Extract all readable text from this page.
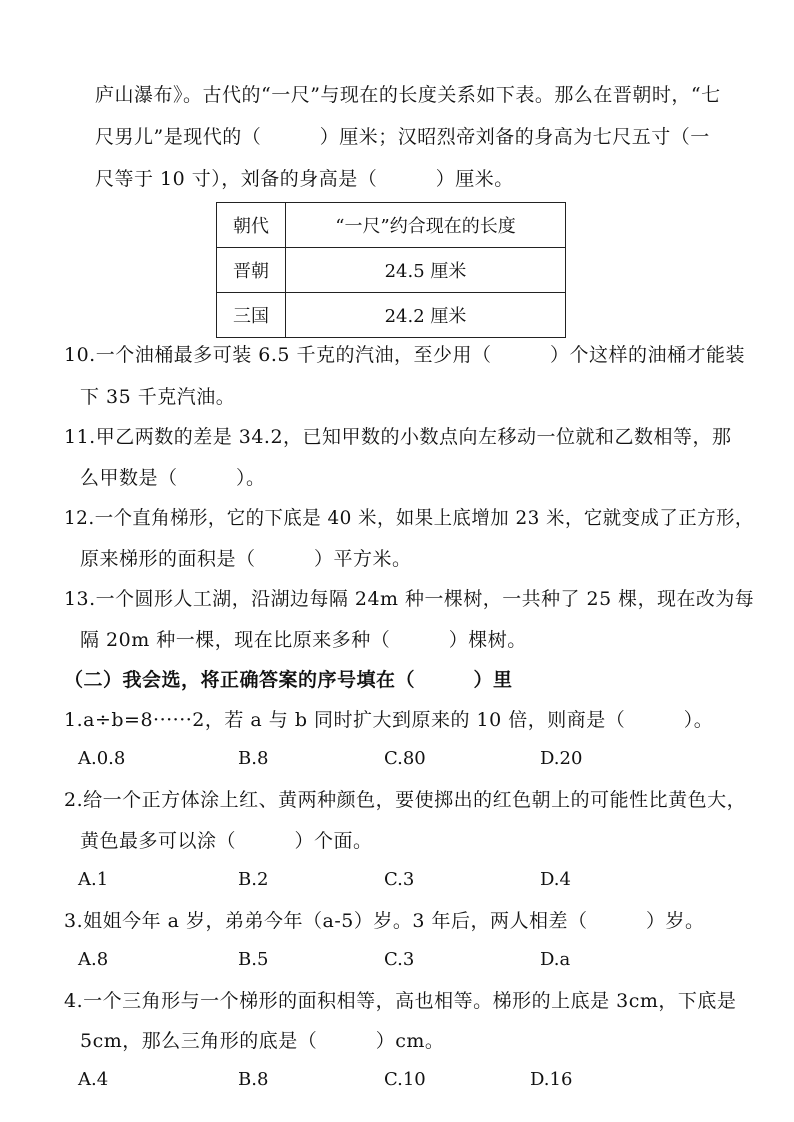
庐山瀑布》。古代的“一尺”与现在的长度关系如下表。那么在晋朝时，“七
尺男儿”是现代的（　　　）厘米；汉昭烈帝刘备的身高为七尺五寸（一
尺等于 10 寸），刘备的身高是（　　　）厘米。
朝代	“一尺”约合现在的长度
晋朝	24.5 厘米
三国	24.2 厘米
10.一个油桶最多可装 6.5 千克的汽油，至少用（　　　）个这样的油桶才能装
下 35 千克汽油。
11.甲乙两数的差是 34.2，已知甲数的小数点向左移动一位就和乙数相等，那
么甲数是（　　　）。
12.一个直角梯形，它的下底是 40 米，如果上底增加 23 米，它就变成了正方形，
原来梯形的面积是（　　　）平方米。
13.一个圆形人工湖，沿湖边每隔 24m 种一棵树，一共种了 25 棵，现在改为每
隔 20m 种一棵，现在比原来多种（　　　）棵树。
（二）我会选，将正确答案的序号填在（　　　）里
1.a÷b=8······2，若 a 与 b 同时扩大到原来的 10 倍，则商是（　　　）。
A.0.8	B.8	C.80	D.20
2.给一个正方体涂上红、黄两种颜色，要使掷出的红色朝上的可能性比黄色大，
黄色最多可以涂（　　　）个面。
A.1	B.2	C.3	D.4
3.姐姐今年 a 岁，弟弟今年（a-5）岁。3 年后，两人相差（　　　）岁。
A.8	B.5	C.3	D.a
4.一个三角形与一个梯形的面积相等，高也相等。梯形的上底是 3cm，下底是
5cm，那么三角形的底是（　　　）cm。
A.4	B.8	C.10	D.16
